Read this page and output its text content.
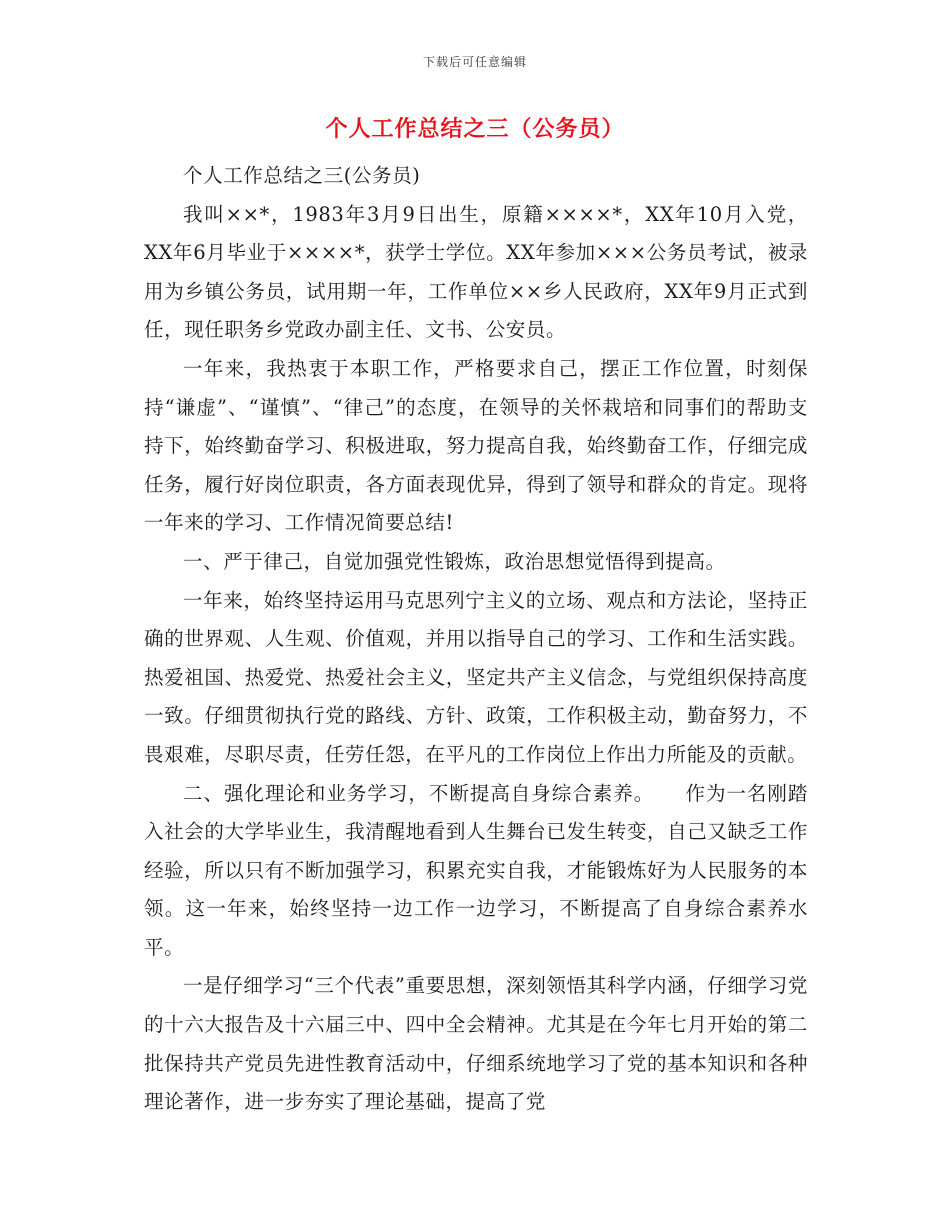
下载后可任意编辑
个人工作总结之三（公务员）

个人工作总结之三(公务员)

我叫××*，1983年3月9日出生，原籍××××*，XX年10月入党，XX年6月毕业于××××*，获学士学位。XX年参加×××公务员考试，被录用为乡镇公务员，试用期一年，工作单位××乡人民政府，XX年9月正式到任，现任职务乡党政办副主任、文书、公安员。

一年来，我热衷于本职工作，严格要求自己，摆正工作位置，时刻保持“谦虚”、“谨慎”、“律己”的态度，在领导的关怀栽培和同事们的帮助支持下，始终勤奋学习、积极进取，努力提高自我，始终勤奋工作，仔细完成任务，履行好岗位职责，各方面表现优异，得到了领导和群众的肯定。现将一年来的学习、工作情况简要总结!

一、严于律己，自觉加强党性锻炼，政治思想觉悟得到提高。

一年来，始终坚持运用马克思列宁主义的立场、观点和方法论，坚持正确的世界观、人生观、价值观，并用以指导自己的学习、工作和生活实践。热爱祖国、热爱党、热爱社会主义，坚定共产主义信念，与党组织保持高度一致。仔细贯彻执行党的路线、方针、政策，工作积极主动，勤奋努力，不畏艰难，尽职尽责，任劳任怨，在平凡的工作岗位上作出力所能及的贡献。

二、强化理论和业务学习，不断提高自身综合素养。　　作为一名刚踏入社会的大学毕业生，我清醒地看到人生舞台已发生转变，自己又缺乏工作经验，所以只有不断加强学习，积累充实自我，才能锻炼好为人民服务的本领。这一年来，始终坚持一边工作一边学习，不断提高了自身综合素养水平。

一是仔细学习“三个代表”重要思想，深刻领悟其科学内涵，仔细学习党的十六大报告及十六届三中、四中全会精神。尤其是在今年七月开始的第二批保持共产党员先进性教育活动中，仔细系统地学习了党的基本知识和各种理论著作，进一步夯实了理论基础，提高了党
